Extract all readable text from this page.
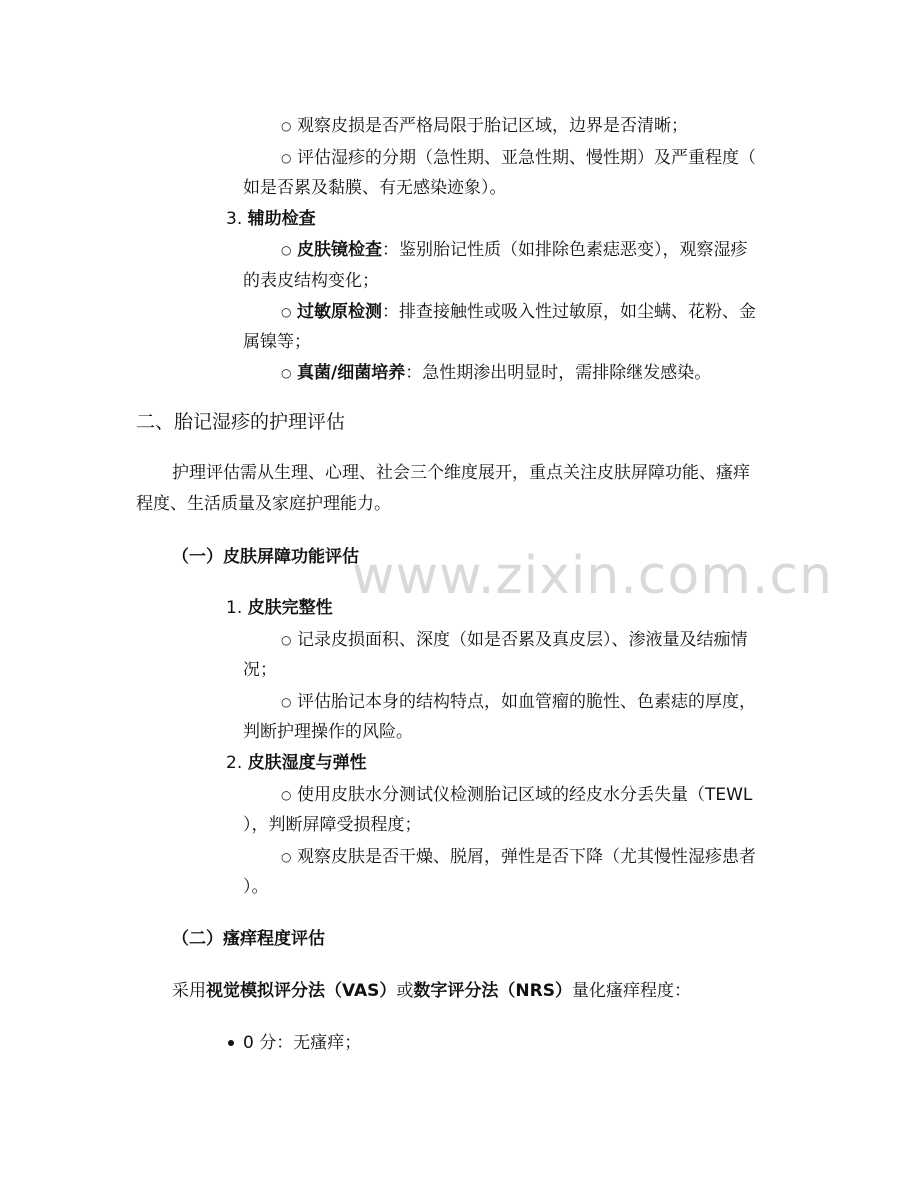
www.zixin.com.cn
○ 观察皮损是否严格局限于胎记区域，边界是否清晰；
○ 评估湿疹的分期（急性期、亚急性期、慢性期）及严重程度（
如是否累及黏膜、有无感染迹象）。
3. 辅助检查
○ 皮肤镜检查：鉴别胎记性质（如排除色素痣恶变），观察湿疹
的表皮结构变化；
○ 过敏原检测：排查接触性或吸入性过敏原，如尘螨、花粉、金
属镍等；
○ 真菌/细菌培养：急性期渗出明显时，需排除继发感染。
二、胎记湿疹的护理评估
护理评估需从生理、心理、社会三个维度展开，重点关注皮肤屏障功能、瘙痒
程度、生活质量及家庭护理能力。
（一）皮肤屏障功能评估
1. 皮肤完整性
○ 记录皮损面积、深度（如是否累及真皮层）、渗液量及结痂情
况；
○ 评估胎记本身的结构特点，如血管瘤的脆性、色素痣的厚度，
判断护理操作的风险。
2. 皮肤湿度与弹性
○ 使用皮肤水分测试仪检测胎记区域的经皮水分丢失量（TEWL
），判断屏障受损程度；
○ 观察皮肤是否干燥、脱屑，弹性是否下降（尤其慢性湿疹患者
）。
（二）瘙痒程度评估
采用视觉模拟评分法（VAS）或数字评分法（NRS）量化瘙痒程度：
0 分：无瘙痒；
